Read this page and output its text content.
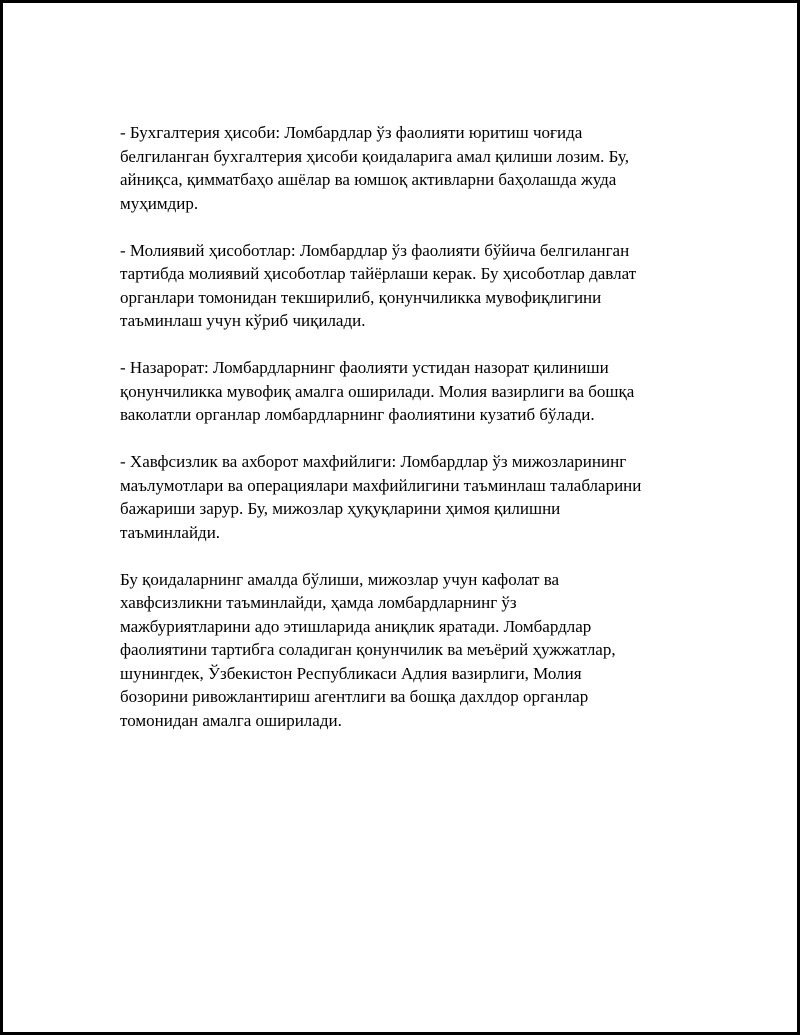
- Бухгалтерия ҳисоби: Ломбардлар ўз фаолияти юритиш чоғида
белгиланган бухгалтерия ҳисоби қоидаларига амал қилиши лозим. Бу,
айниқса, қимматбаҳо ашёлар ва юмшоқ активларни баҳолашда жуда
муҳимдир.

- Молиявий ҳисоботлар: Ломбардлар ўз фаолияти бўйича белгиланган
тартибда молиявий ҳисоботлар тайёрлаши керак. Бу ҳисоботлар давлат
органлари томонидан текширилиб, қонунчиликка мувофиқлигини
таъминлаш учун кўриб чиқилади.

- Назарорат: Ломбардларнинг фаолияти устидан назорат қилиниши
қонунчиликка мувофиқ амалга оширилади. Молия вазирлиги ва бошқа
ваколатли органлар ломбардларнинг фаолиятини кузатиб бўлади.

- Хавфсизлик ва ахборот махфийлиги: Ломбардлар ўз мижозларининг
маълумотлари ва операциялари махфийлигини таъминлаш талабларини
бажариши зарур. Бу, мижозлар ҳуқуқларини ҳимоя қилишни
таъминлайди.

Бу қоидаларнинг амалда бўлиши, мижозлар учун кафолат ва
хавфсизликни таъминлайди, ҳамда ломбардларнинг ўз
мажбуриятларини адо этишларида аниқлик яратади. Ломбардлар
фаолиятини тартибга соладиган қонунчилик ва меъёрий ҳужжатлар,
шунингдек, Ўзбекистон Республикаси Адлия вазирлиги, Молия
бозорини ривожлантириш агентлиги ва бошқа дахлдор органлар
томонидан амалга оширилади.
